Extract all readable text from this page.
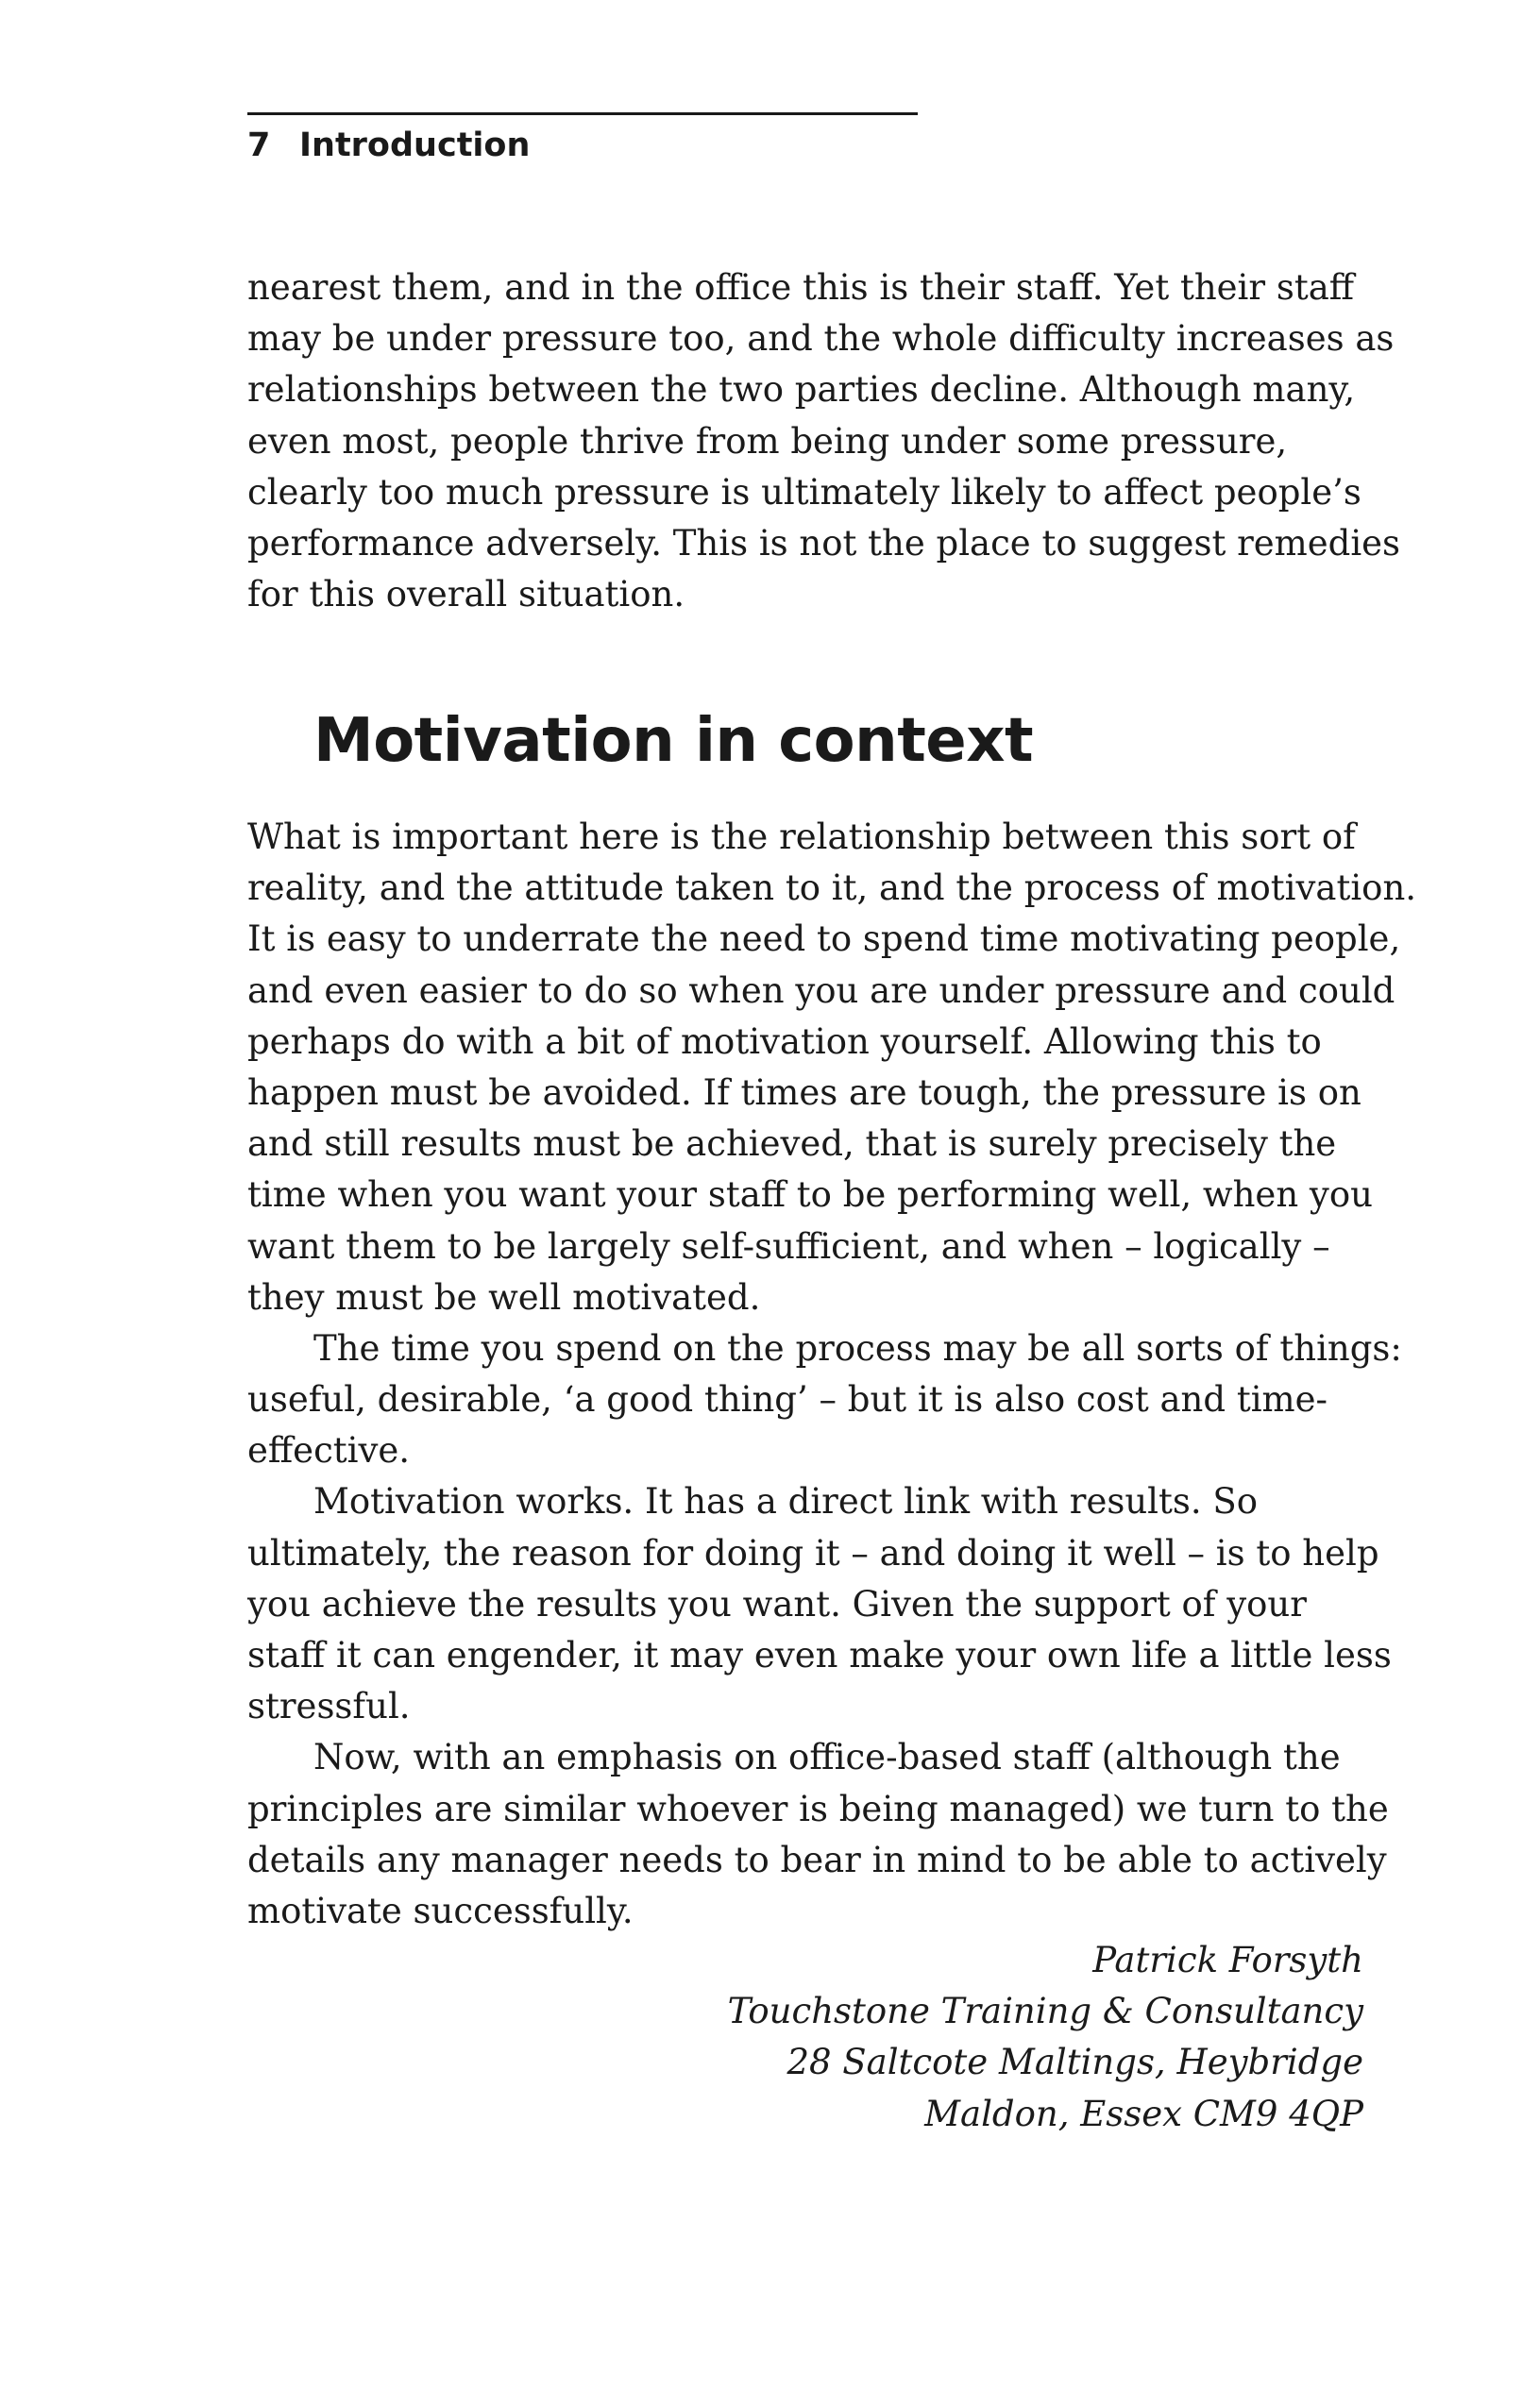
7 Introduction
nearest them, and in the office this is their staff. Yet their staff
may be under pressure too, and the whole difficulty increases as
relationships between the two parties decline. Although many,
even most, people thrive from being under some pressure,
clearly too much pressure is ultimately likely to affect people’s
performance adversely. This is not the place to suggest remedies
for this overall situation.
Motivation in context
What is important here is the relationship between this sort of
reality, and the attitude taken to it, and the process of motivation.
It is easy to underrate the need to spend time motivating people,
and even easier to do so when you are under pressure and could
perhaps do with a bit of motivation yourself. Allowing this to
happen must be avoided. If times are tough, the pressure is on
and still results must be achieved, that is surely precisely the
time when you want your staff to be performing well, when you
want them to be largely self-sufficient, and when – logically –
they must be well motivated.
The time you spend on the process may be all sorts of things:
useful, desirable, ‘a good thing’ – but it is also cost and time-
effective.
Motivation works. It has a direct link with results. So
ultimately, the reason for doing it – and doing it well – is to help
you achieve the results you want. Given the support of your
staff it can engender, it may even make your own life a little less
stressful.
Now, with an emphasis on office-based staff (although the
principles are similar whoever is being managed) we turn to the
details any manager needs to bear in mind to be able to actively
motivate successfully.
Patrick Forsyth
Touchstone Training & Consultancy
28 Saltcote Maltings, Heybridge
Maldon, Essex CM9 4QP
